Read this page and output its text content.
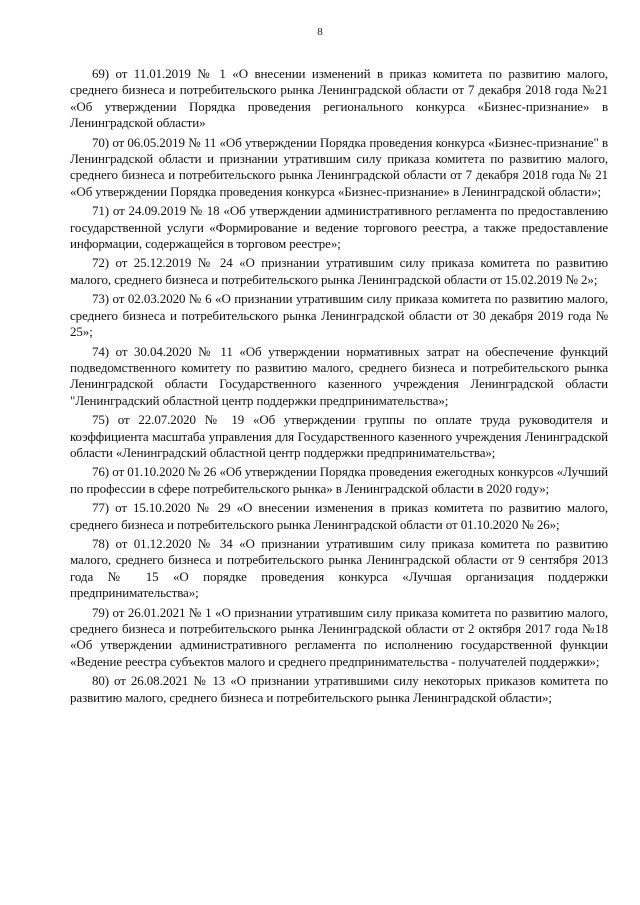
8

69) от 11.01.2019 № 1 «О внесении изменений в приказ комитета по развитию малого, среднего бизнеса и потребительского рынка Ленинградской области от 7 декабря 2018 года №21 «Об утверждении Порядка проведения регионального конкурса «Бизнес-признание» в Ленинградской области»

70) от 06.05.2019 № 11 «Об утверждении Порядка проведения конкурса «Бизнес-признание" в Ленинградской области и признании утратившим силу приказа комитета по развитию малого, среднего бизнеса и потребительского рынка Ленинградской области от 7 декабря 2018 года № 21 «Об утверждении Порядка проведения конкурса «Бизнес-признание» в Ленинградской области»;

71) от 24.09.2019 № 18 «Об утверждении административного регламента по предоставлению государственной услуги «Формирование и ведение торгового реестра, а также предоставление информации, содержащейся в торговом реестре»;

72) от 25.12.2019 № 24 «О признании утратившим силу приказа комитета по развитию малого, среднего бизнеса и потребительского рынка Ленинградской области от 15.02.2019 № 2»;

73) от 02.03.2020 № 6 «О признании утратившим силу приказа комитета по развитию малого, среднего бизнеса и потребительского рынка Ленинградской области от 30 декабря 2019 года № 25»;

74) от 30.04.2020 № 11 «Об утверждении нормативных затрат на обеспечение функций подведомственного комитету по развитию малого, среднего бизнеса и потребительского рынка Ленинградской области Государственного казенного учреждения Ленинградской области "Ленинградский областной центр поддержки предпринимательства»;

75) от 22.07.2020 № 19 «Об утверждении группы по оплате труда руководителя и коэффициента масштаба управления для Государственного казенного учреждения Ленинградской области «Ленинградский областной центр поддержки предпринимательства»;

76) от 01.10.2020 № 26 «Об утверждении Порядка проведения ежегодных конкурсов «Лучший по профессии в сфере потребительского рынка» в Ленинградской области в 2020 году»;

77) от 15.10.2020 № 29 «О внесении изменения в приказ комитета по развитию малого, среднего бизнеса и потребительского рынка Ленинградской области от 01.10.2020 № 26»;

78) от 01.12.2020 № 34 «О признании утратившим силу приказа комитета по развитию малого, среднего бизнеса и потребительского рынка Ленинградской области от 9 сентября 2013 года № 15 «О порядке проведения конкурса «Лучшая организация поддержки предпринимательства»;

79) от 26.01.2021 № 1 «О признании утратившим силу приказа комитета по развитию малого, среднего бизнеса и потребительского рынка Ленинградской области от 2 октября 2017 года №18 «Об утверждении административного регламента по исполнению государственной функции «Ведение реестра субъектов малого и среднего предпринимательства - получателей поддержки»;

80) от 26.08.2021 № 13 «О признании утратившими силу некоторых приказов комитета по развитию малого, среднего бизнеса и потребительского рынка Ленинградской области»;
